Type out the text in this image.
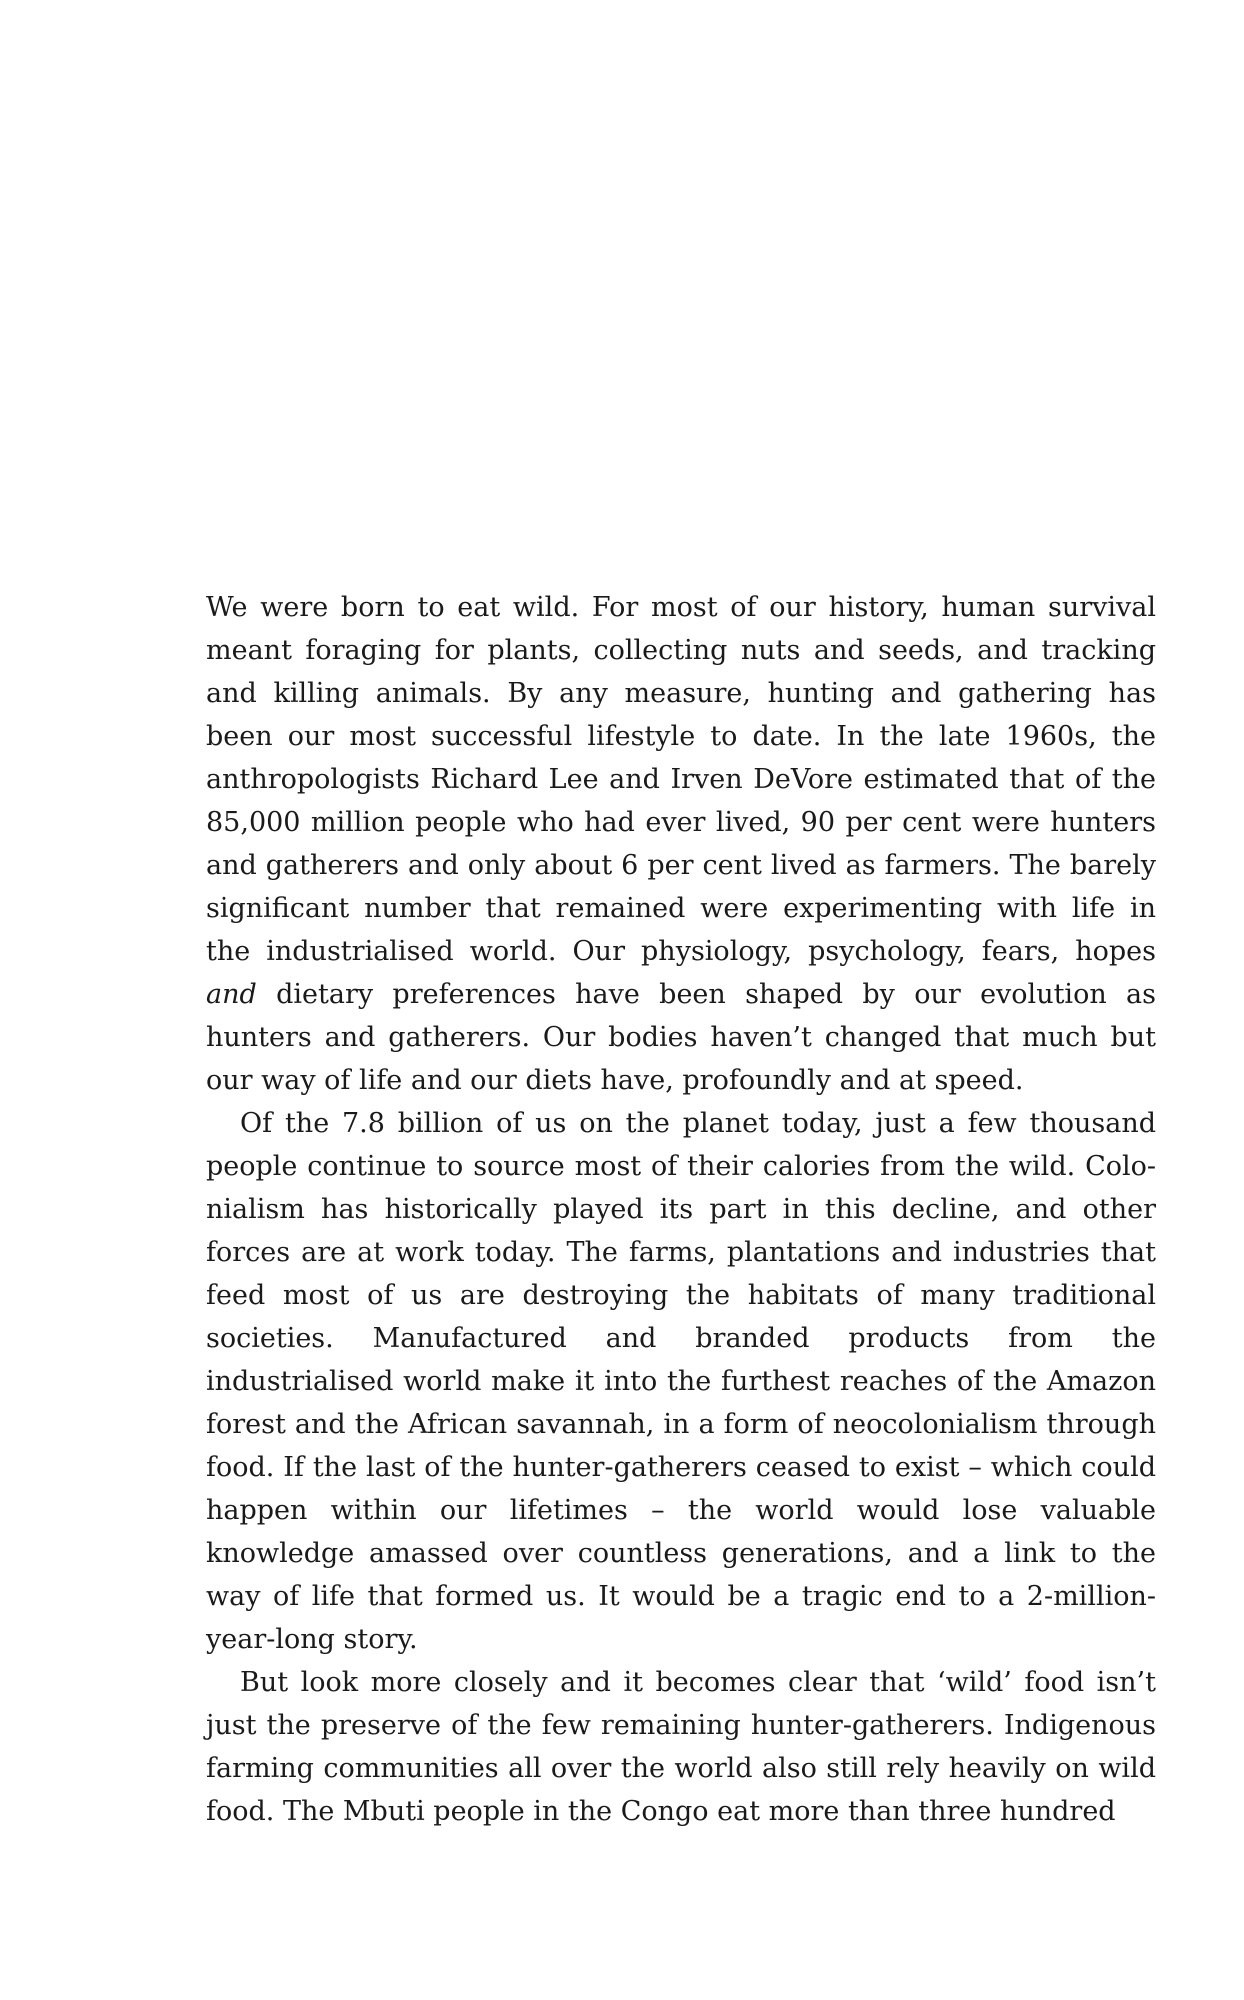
We were born to eat wild. For most of our history, human survival meant foraging for plants, collecting nuts and seeds, and tracking and killing animals. By any measure, hunting and gathering has been our most successful lifestyle to date. In the late 1960s, the anthropologists Richard Lee and Irven DeVore estimated that of the 85,000 million people who had ever lived, 90 per cent were hunters and gatherers and only about 6 per cent lived as farmers. The barely significant number that remained were experimenting with life in the industrialised world. Our physiology, psychology, fears, hopes and dietary preferences have been shaped by our evolution as hunters and gatherers. Our bodies haven’t changed that much but our way of life and our diets have, profoundly and at speed.

Of the 7.8 billion of us on the planet today, just a few thousand people continue to source most of their calories from the wild. Colonialism has historically played its part in this decline, and other forces are at work today. The farms, plantations and industries that feed most of us are destroying the habitats of many traditional societies. Manufactured and branded products from the industrialised world make it into the furthest reaches of the Amazon forest and the African savannah, in a form of neocolonialism through food. If the last of the hunter-gatherers ceased to exist – which could happen within our lifetimes – the world would lose valuable knowledge amassed over countless generations, and a link to the way of life that formed us. It would be a tragic end to a 2-million-year-long story.

But look more closely and it becomes clear that ‘wild’ food isn’t just the preserve of the few remaining hunter-gatherers. Indigenous farming communities all over the world also still rely heavily on wild food. The Mbuti people in the Congo eat more than three hundred
